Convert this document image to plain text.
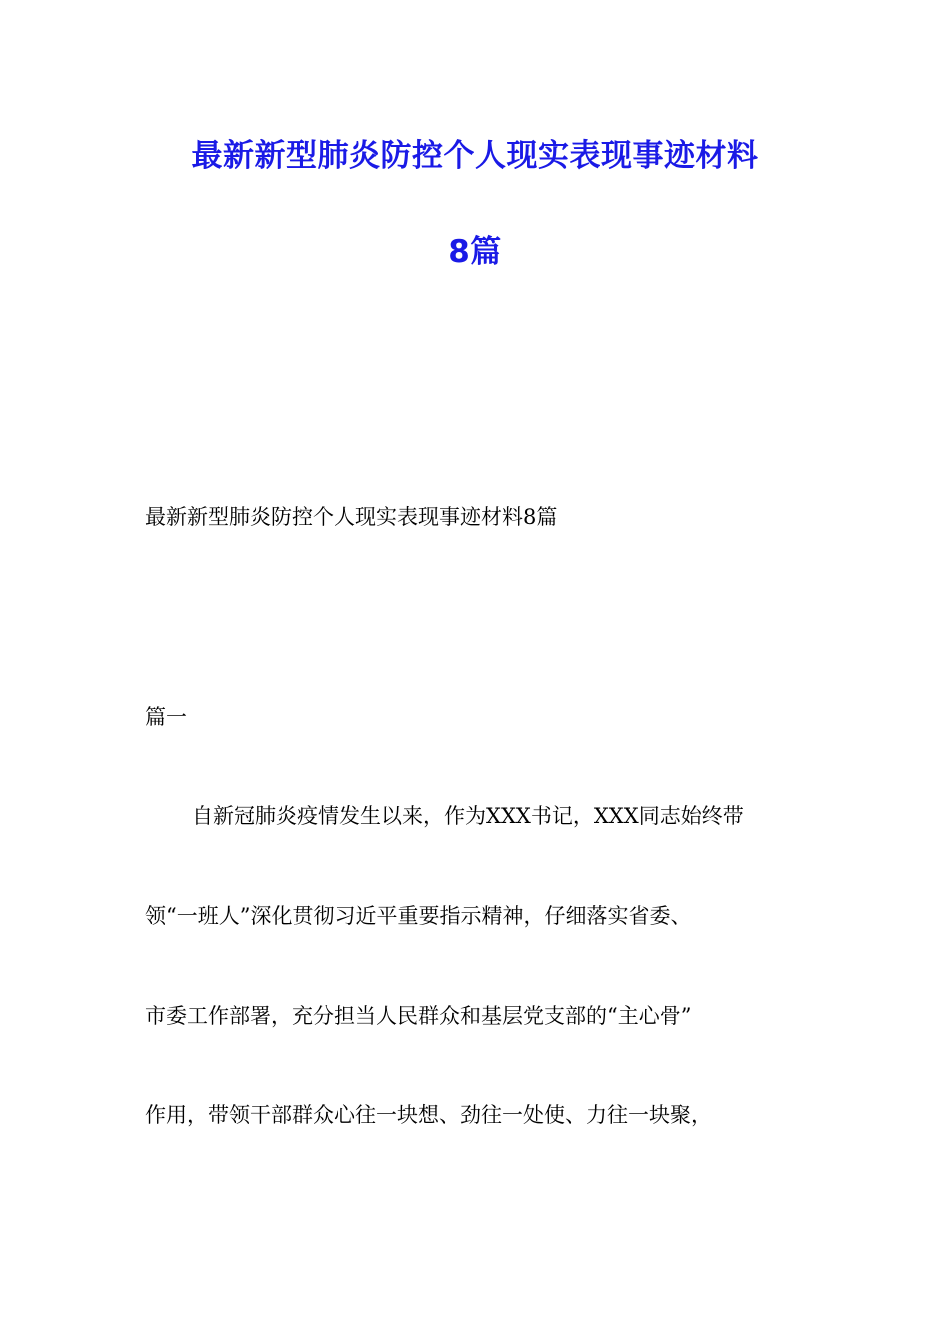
最新新型肺炎防控个人现实表现事迹材料
8篇
最新新型肺炎防控个人现实表现事迹材料8篇
篇一
自新冠肺炎疫情发生以来，作为XXX书记，XXX同志始终带
领“一班人”深化贯彻习近平重要指示精神，仔细落实省委、
市委工作部署，充分担当人民群众和基层党支部的“主心骨”
作用，带领干部群众心往一块想、劲往一处使、力往一块聚，
